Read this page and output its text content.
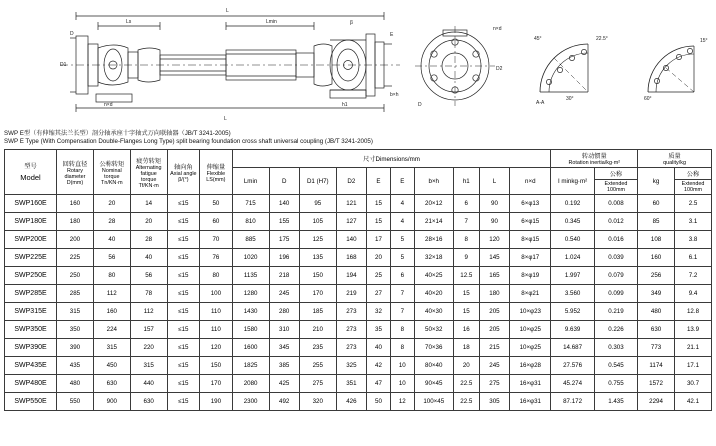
L
Ls	Lmin
L
D
D1
E
b×h
n×d	h1
n×d
D2
D
22.5°
45°
30°
15°
60°
A-A
β
SWP E型（有伸缩其法兰长型）剖分轴承座十字轴式万向联轴器（JB/T 3241-2005)
SWP E Type (With Compensation Double-Flanges Long Type) split bearing foundation cross shaft universal coupling (JB/T 3241-2005)
型号
Model

回转直径
Rotary
diameter
D(mm)

公称转矩
Nominal
torque
Tn/KN·m

疲劳转矩
Alternating
fatigue
torque
Tf/KN·m

轴向角
Axial angle
β/(°)

伸缩量
Flexible
LS(mm)
	尺寸Dimensions/mm	转动惯量
Rotation inertia/kg·m²

质量
quality/kg

						Lmin	D	D1 (H7)	D2	E	E	b×h	h1	L	n×d	I minkg·m²	公称	kg	公称

Extended
100mm

Extended
100mm

SWP160E	160	20	14	≤15	50	715	140	95	121	15	4	20×12	6	90	6×φ13	0.192	0.008	60	2.5
SWP180E	180	28	20	≤15	60	810	155	105	127	15	4	21×14	7	90	6×φ15	0.345	0.012	85	3.1
SWP200E	200	40	28	≤15	70	885	175	125	140	17	5	28×16	8	120	8×φ15	0.540	0.016	108	3.8
SWP225E	225	56	40	≤15	76	1020	196	135	168	20	5	32×18	9	145	8×φ17	1.024	0.039	160	6.1
SWP250E	250	80	56	≤15	80	1135	218	150	194	25	6	40×25	12.5	165	8×φ19	1.997	0.079	256	7.2
SWP285E	285	112	78	≤15	100	1280	245	170	219	27	7	40×20	15	180	8×φ21	3.560	0.099	349	9.4
SWP315E	315	160	112	≤15	110	1430	280	185	273	32	7	40×30	15	205	10×φ23	5.952	0.219	480	12.8
SWP350E	350	224	157	≤15	110	1580	310	210	273	35	8	50×32	16	205	10×φ25	9.639	0.226	630	13.9
SWP390E	390	315	220	≤15	120	1600	345	235	273	40	8	70×36	18	215	10×φ25	14.687	0.303	773	21.1
SWP435E	435	450	315	≤15	150	1825	385	255	325	42	10	80×40	20	245	16×φ28	27.576	0.545	1174	17.1
SWP480E	480	630	440	≤15	170	2080	425	275	351	47	10	90×45	22.5	275	16×φ31	45.274	0.755	1572	30.7
SWP550E	550	900	630	≤15	190	2300	492	320	426	50	12	100×45	22.5	305	16×φ31	87.172	1.435	2294	42.1
